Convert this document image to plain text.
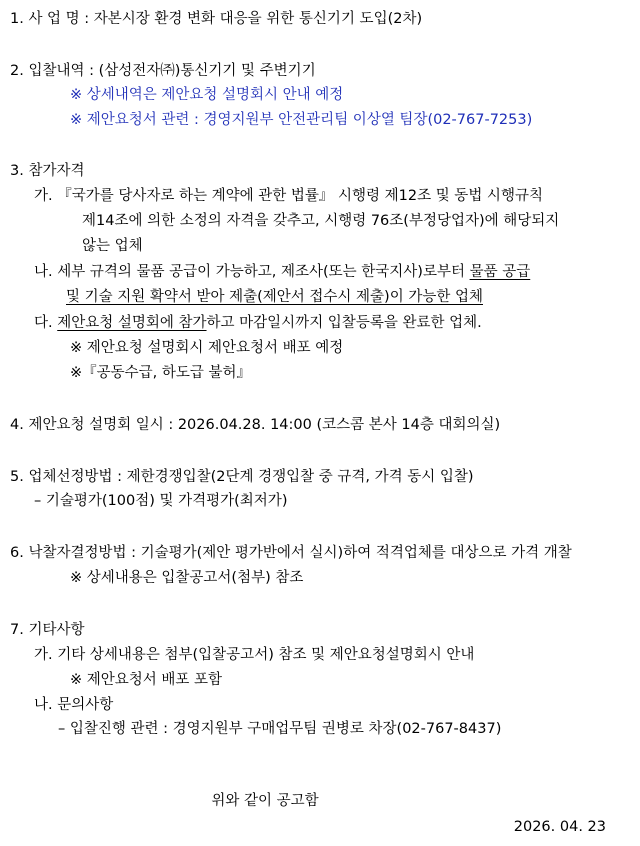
1. 사 업 명 : 자본시장 환경 변화 대응을 위한 통신기기 도입(2차)
2. 입찰내역 : (삼성전자㈜)통신기기 및 주변기기
※ 상세내역은 제안요청 설명회시 안내 예정
※ 제안요청서 관련 : 경영지원부 안전관리팀 이상열 팀장(02-767-7253)
3. 참가자격
가. 『국가를 당사자로 하는 계약에 관한 법률』 시행령 제12조 및 동법 시행규칙
제14조에 의한 소정의 자격을 갖추고, 시행령 76조(부정당업자)에 해당되지
않는 업체
나. 세부 규격의 물품 공급이 가능하고, 제조사(또는 한국지사)로부터 물품 공급
및 기술 지원 확약서 받아 제출(제안서 접수시 제출)이 가능한 업체
다. 제안요청 설명회에 참가하고 마감일시까지 입찰등록을 완료한 업체.
※ 제안요청 설명회시 제안요청서 배포 예정
※『공동수급, 하도급 불허』
4. 제안요청 설명회 일시 : 2026.04.28. 14:00 (코스콤 본사 14층 대회의실)
5. 업체선정방법 : 제한경쟁입찰(2단계 경쟁입찰 중 규격, 가격 동시 입찰)
– 기술평가(100점) 및 가격평가(최저가)
6. 낙찰자결정방법 : 기술평가(제안 평가반에서 실시)하여 적격업체를 대상으로 가격 개찰
※ 상세내용은 입찰공고서(첨부) 참조
7. 기타사항
가. 기타 상세내용은 첨부(입찰공고서) 참조 및 제안요청설명회시 안내
※ 제안요청서 배포 포함
나. 문의사항
– 입찰진행 관련 : 경영지원부 구매업무팀 권병로 차장(02-767-8437)
위와 같이 공고함
2026. 04. 23
